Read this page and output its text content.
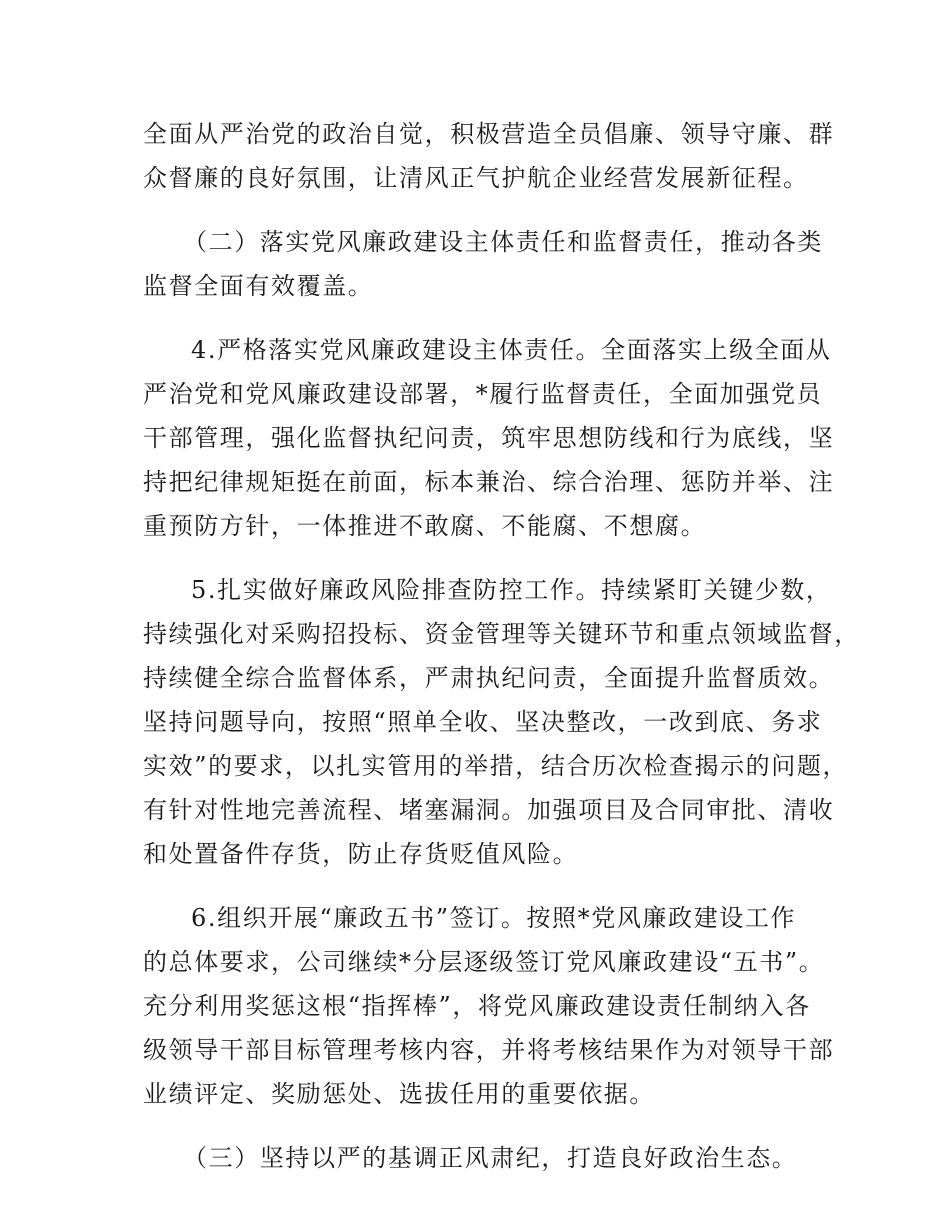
全面从严治党的政治自觉，积极营造全员倡廉、领导守廉、群
众督廉的良好氛围，让清风正气护航企业经营发展新征程。

（二）落实党风廉政建设主体责任和监督责任，推动各类
监督全面有效覆盖。

4.严格落实党风廉政建设主体责任。全面落实上级全面从
严治党和党风廉政建设部署，*履行监督责任，全面加强党员
干部管理，强化监督执纪问责，筑牢思想防线和行为底线，坚
持把纪律规矩挺在前面，标本兼治、综合治理、惩防并举、注
重预防方针，一体推进不敢腐、不能腐、不想腐。

5.扎实做好廉政风险排查防控工作。持续紧盯关键少数，
持续强化对采购招投标、资金管理等关键环节和重点领域监督，
持续健全综合监督体系，严肃执纪问责，全面提升监督质效。
坚持问题导向，按照“照单全收、坚决整改，一改到底、务求
实效”的要求，以扎实管用的举措，结合历次检查揭示的问题，
有针对性地完善流程、堵塞漏洞。加强项目及合同审批、清收
和处置备件存货，防止存货贬值风险。

6.组织开展“廉政五书”签订。按照*党风廉政建设工作
的总体要求，公司继续*分层逐级签订党风廉政建设“五书”。
充分利用奖惩这根“指挥棒”，将党风廉政建设责任制纳入各
级领导干部目标管理考核内容，并将考核结果作为对领导干部
业绩评定、奖励惩处、选拔任用的重要依据。

（三）坚持以严的基调正风肃纪，打造良好政治生态。
